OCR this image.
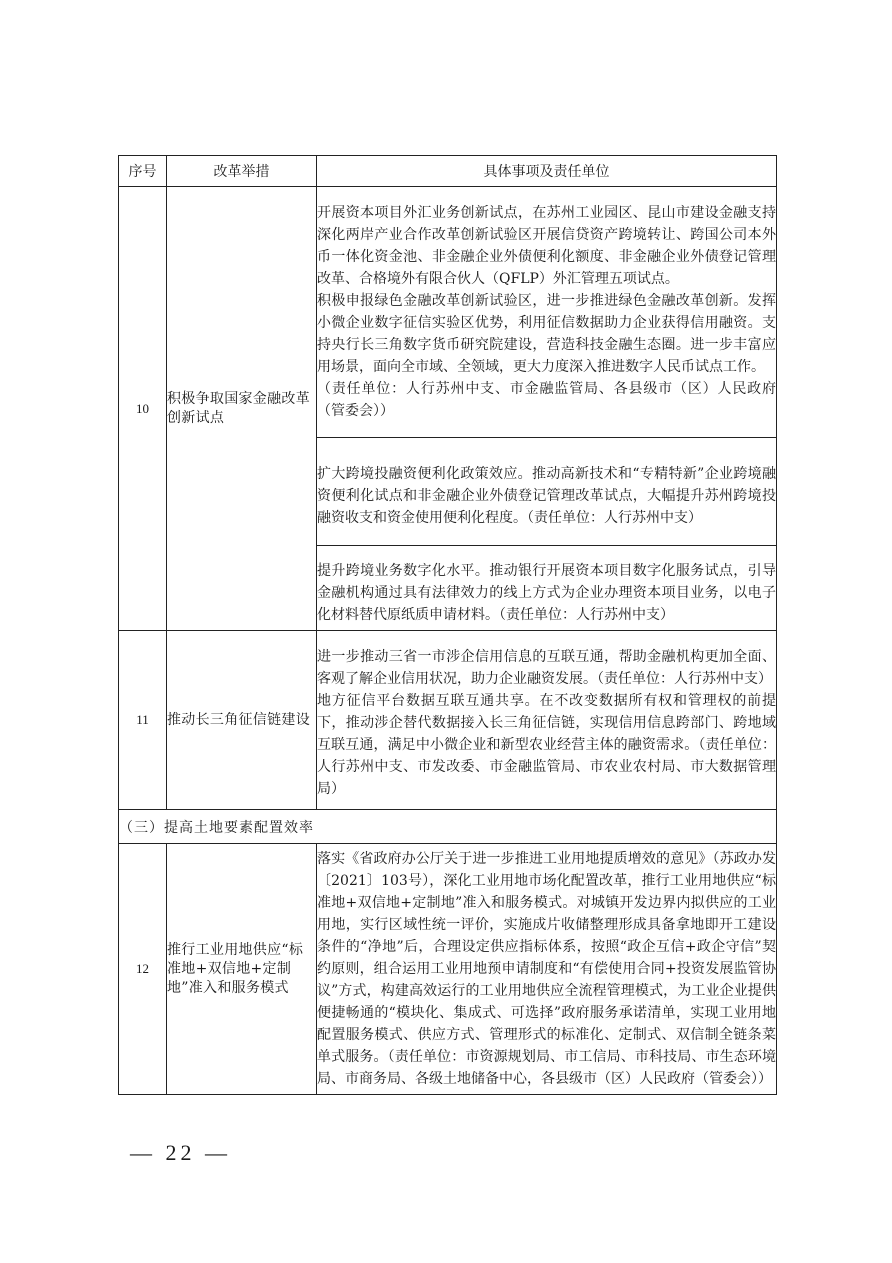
序号	改革举措	具体事项及责任单位
10	积极争取国家金融改革创新试点	开展资本项目外汇业务创新试点，在苏州工业园区、昆山市建设金融支持深化两岸产业合作改革创新试验区开展信贷资产跨境转让、跨国公司本外币一体化资金池、非金融企业外债便利化额度、非金融企业外债登记管理改革、合格境外有限合伙人（QFLP）外汇管理五项试点。

积极申报绿色金融改革创新试验区，进一步推进绿色金融改革创新。发挥小微企业数字征信实验区优势，利用征信数据助力企业获得信用融资。支持央行长三角数字货币研究院建设，营造科技金融生态圈。进一步丰富应用场景，面向全市域、全领域，更大力度深入推进数字人民币试点工作。

（责任单位：人行苏州中支、市金融监管局、各县级市（区）人民政府（管委会））

		扩大跨境投融资便利化政策效应。推动高新技术和“专精特新”企业跨境融资便利化试点和非金融企业外债登记管理改革试点，大幅提升苏州跨境投融资收支和资金使用便利化程度。（责任单位：人行苏州中支）

		提升跨境业务数字化水平。推动银行开展资本项目数字化服务试点，引导金融机构通过具有法律效力的线上方式为企业办理资本项目业务，以电子化材料替代原纸质申请材料。（责任单位：人行苏州中支）

11	推动长三角征信链建设	进一步推动三省一市涉企信用信息的互联互通，帮助金融机构更加全面、客观了解企业信用状况，助力企业融资发展。（责任单位：人行苏州中支）

地方征信平台数据互联互通共享。在不改变数据所有权和管理权的前提下，推动涉企替代数据接入长三角征信链，实现信用信息跨部门、跨地域互联互通，满足中小微企业和新型农业经营主体的融资需求。（责任单位：人行苏州中支、市发改委、市金融监管局、市农业农村局、市大数据管理局）

（三）提高土地要素配置效率		
12	推行工业用地供应“标准地+双信地+定制地”准入和服务模式	落实《省政府办公厅关于进一步推进工业用地提质增效的意见》（苏政办发〔2021〕103号），深化工业用地市场化配置改革，推行工业用地供应“标准地+双信地+定制地”准入和服务模式。对城镇开发边界内拟供应的工业用地，实行区域性统一评价，实施成片收储整理形成具备拿地即开工建设条件的“净地”后，合理设定供应指标体系，按照“政企互信+政企守信”契约原则，组合运用工业用地预申请制度和“有偿使用合同+投资发展监管协议”方式，构建高效运行的工业用地供应全流程管理模式，为工业企业提供便捷畅通的“模块化、集成式、可选择”政府服务承诺清单，实现工业用地配置服务模式、供应方式、管理形式的标准化、定制式、双信制全链条菜单式服务。（责任单位：市资源规划局、市工信局、市科技局、市生态环境局、市商务局、各级土地储备中心，各县级市（区）人民政府（管委会））

— 22 —
